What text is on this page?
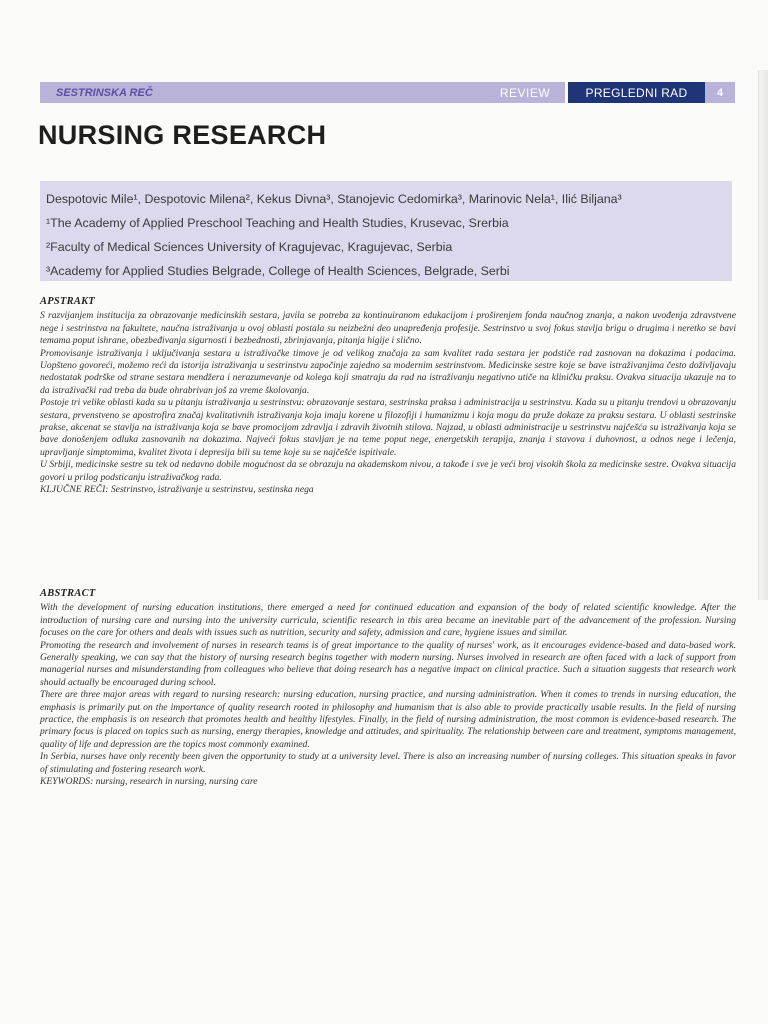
SESTRINSKA REČ	REVIEW	PREGLEDNI RAD	4
NURSING RESEARCH
Despotovic Mile¹, Despotovic Milena², Kekus Divna³, Stanojevic Cedomirka³, Marinovic Nela¹, Ilić Biljana³
¹The Academy of Applied Preschool Teaching and Health Studies, Krusevac, Srerbia
²Faculty of Medical Sciences University of Kragujevac, Kragujevac, Serbia
³Academy for Applied Studies Belgrade, College of Health Sciences, Belgrade, Serbi
APSTRAKT

S razvijanjem institucija za obrazovanje medicinskih sestara, javila se potreba za kontinuiranom edukacijom i proširenjem fonda naučnog znanja, a nakon uvođenja zdravstvene nege i sestrinstva na fakultete, naučna istraživanja u ovoj oblasti postala su neizbežni deo unapređenja profesije. Sestrinstvo u svoj fokus stavlja brigu o drugima i neretko se bavi temama poput ishrane, obezbeđivanja sigurnosti i bezbednosti, zbrinjavanja, pitanja higije i slično.

Promovisanje istraživanja i uključivanja sestara u istraživačke timove je od velikog značaja za sam kvalitet rada sestara jer podstiče rad zasnovan na dokazima i podacima. Uopšteno govoreći, možemo reći da istorija istraživanja u sestrinstvu započinje zajedno sa modernim sestrinstvom. Medicinske sestre koje se bave istraživanjima često doživljavaju nedostatak podrške od strane sestara mendžera i nerazumevanje od kolega koji smatraju da rad na istraživanju negativno utiče na kliničku praksu. Ovakva situacija ukazuje na to da istraživački rad treba da bude ohrabrivan još za vreme školovanja.

Postoje tri velike oblasti kada su u pitanju istraživanja u sestrinstvu: obrazovanje sestara, sestrinska praksa i administracija u sestrinstvu. Kada su u pitanju trendovi u obrazovanju sestara, prvenstveno se apostrofira značaj kvalitativnih istraživanja koja imaju korene u filozofiji i humanizmu i koja mogu da pruže dokaze za praksu sestara. U oblasti sestrinske prakse, akcenat se stavlja na istraživanja koja se bave promocijom zdravlja i zdravih životnih stilova. Najzad, u oblasti administracije u sestrinstvu najčešća su istraživanja koja se bave donošenjem odluka zasnovanih na dokazima. Najveći fokus stavljan je na teme poput nege, energetskih terapija, znanja i stavova i duhovnost, a odnos nege i lečenja, upravljanje simptomima, kvalitet života i depresija bili su teme koje su se najčešće ispitivale.

U Srbiji, medicinske sestre su tek od nedavno dobile mogućnost da se obrazuju na akademskom nivou, a takođe i sve je veći broj visokih škola za medicinske sestre. Ovakva situacija govori u prilog podsticanju istraživačkog rada.

KLJUČNE REČI: Sestrinstvo, istraživanje u sestrinstvu, sestinska nega

ABSTRACT

With the development of nursing education institutions, there emerged a need for continued education and expansion of the body of related scientific knowledge. After the introduction of nursing care and nursing into the university curricula, scientific research in this area became an inevitable part of the advancement of the profession. Nursing focuses on the care for others and deals with issues such as nutrition, security and safety, admission and care, hygiene issues and similar.

Promoting the research and involvement of nurses in research teams is of great importance to the quality of nurses' work, as it encourages evidence-based and data-based work. Generally speaking, we can say that the history of nursing research begins together with modern nursing. Nurses involved in research are often faced with a lack of support from managerial nurses and misunderstanding from colleagues who believe that doing research has a negative impact on clinical practice. Such a situation suggests that research work should actually be encouraged during school.

There are three major areas with regard to nursing research: nursing education, nursing practice, and nursing administration. When it comes to trends in nursing education, the emphasis is primarily put on the importance of quality research rooted in philosophy and humanism that is also able to provide practically usable results. In the field of nursing practice, the emphasis is on research that promotes health and healthy lifestyles. Finally, in the field of nursing administration, the most common is evidence-based research. The primary focus is placed on topics such as nursing, energy therapies, knowledge and attitudes, and spirituality. The relationship between care and treatment, symptoms management, quality of life and depression are the topics most commonly examined.

In Serbia, nurses have only recently been given the opportunity to study at a university level. There is also an increasing number of nursing colleges. This situation speaks in favor of stimulating and fostering research work.

KEYWORDS: nursing, research in nursing, nursing care
